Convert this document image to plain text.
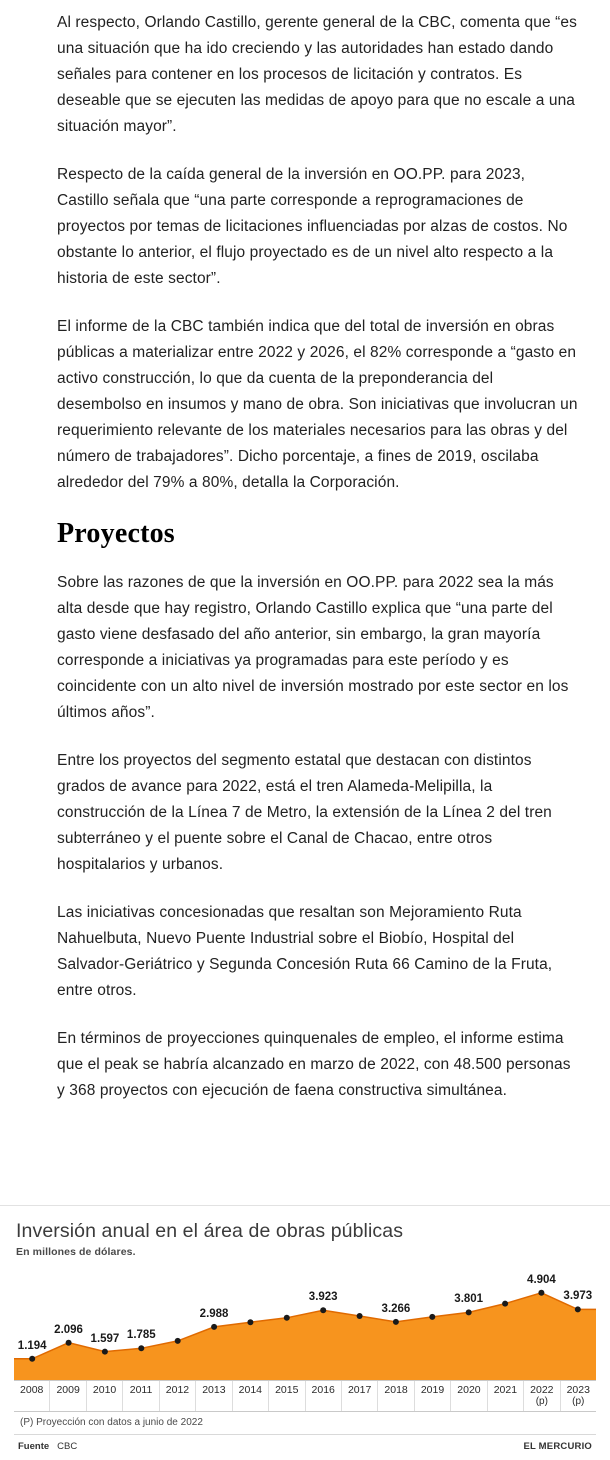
Al respecto, Orlando Castillo, gerente general de la CBC, comenta que “es una situación que ha ido creciendo y las autoridades han estado dando señales para contener en los procesos de licitación y contratos. Es deseable que se ejecuten las medidas de apoyo para que no escale a una situación mayor”.

Respecto de la caída general de la inversión en OO.PP. para 2023, Castillo señala que “una parte corresponde a reprogramaciones de proyectos por temas de licitaciones influenciadas por alzas de costos. No obstante lo anterior, el flujo proyectado es de un nivel alto respecto a la historia de este sector”.

El informe de la CBC también indica que del total de inversión en obras públicas a materializar entre 2022 y 2026, el 82% corresponde a “gasto en activo construcción, lo que da cuenta de la preponderancia del desembolso en insumos y mano de obra. Son iniciativas que involucran un requerimiento relevante de los materiales necesarios para las obras y del número de trabajadores”. Dicho porcentaje, a fines de 2019, oscilaba alrededor del 79% a 80%, detalla la Corporación.

Proyectos

Sobre las razones de que la inversión en OO.PP. para 2022 sea la más alta desde que hay registro, Orlando Castillo explica que “una parte del gasto viene desfasado del año anterior, sin embargo, la gran mayoría corresponde a iniciativas ya programadas para este período y es coincidente con un alto nivel de inversión mostrado por este sector en los últimos años”.

Entre los proyectos del segmento estatal que destacan con distintos grados de avance para 2022, está el tren Alameda-Melipilla, la construcción de la Línea 7 de Metro, la extensión de la Línea 2 del tren subterráneo y el puente sobre el Canal de Chacao, entre otros hospitalarios y urbanos.

Las iniciativas concesionadas que resaltan son Mejoramiento Ruta Nahuelbuta, Nuevo Puente Industrial sobre el Biobío, Hospital del Salvador-Geriátrico y Segunda Concesión Ruta 66 Camino de la Fruta, entre otros.

En términos de proyecciones quinquenales de empleo, el informe estima que el peak se habría alcanzado en marzo de 2022, con 48.500 personas y 368 proyectos con ejecución de faena constructiva simultánea.

Inversión anual en el área de obras públicas
En millones de dólares.
1.194
2.096
1.597 1.785
2.988
3.923
3.266
3.801
4.904
3.973
2008	2009	2010	2011	2012	2013	2014	2015	2016	2017	2018	2019	2020	2021	2022
(p)
2023
(p)
(P) Proyección con datos a junio de 2022
Fuente CBC	EL MERCURIO
